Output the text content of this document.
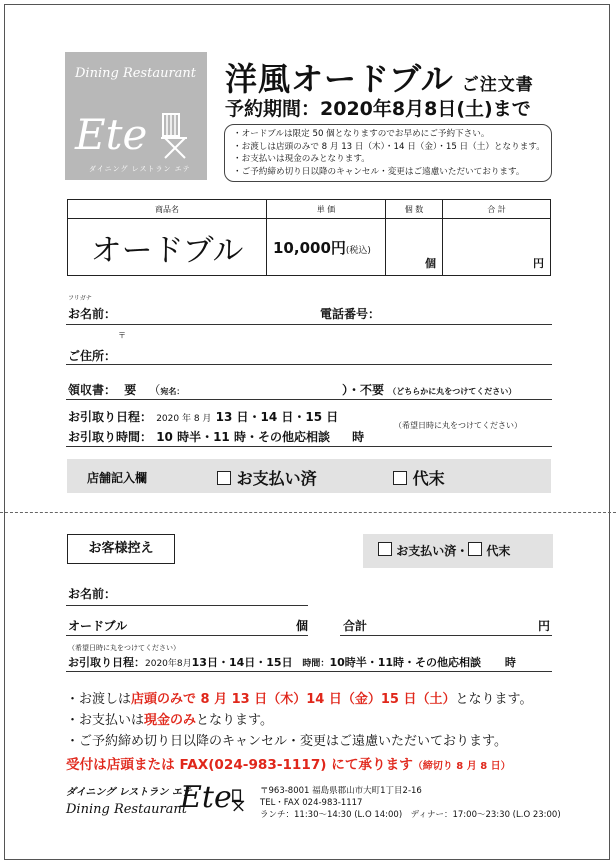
Dining Restaurant
Ete
ダイニング レストラン エテ
洋風オードブル ご注文書
予約期間：2020年8月8日(土)まで
・オードブルは限定 50 個となりますのでお早めにご予約下さい。
・お渡しは店頭のみで 8 月 13 日（木）・14 日（金）・15 日（土）となります。
・お支払いは現金のみとなります。
・ご予約締め切り日以降のキャンセル・変更はご遠慮いただいております。
商品名	単 価	個 数	合 計
オードブル	10,000円(税込)	個	円
フリガナ
お名前：	電話番号：
〒
ご住所：
領収書： 要 （宛名：	）・不要 （どちらかに丸をつけてください）
お引取り日程： 2020 年 8 月 13 日・14 日・15 日
お引取り時間： 10 時半・11 時・その他応相談 時
（希望日時に丸をつけてください）
店舗記入欄	お支払い済	代末
お客様控え	お支払い済・ 代末
お名前：
オードブル	個	合計	円
（希望日時に丸をつけてください）
お引取り日程：2020年8月13日・14日・15日 時間：10時半・11時・その他応相談 時
・お渡しは店頭のみで 8 月 13 日（木）14 日（金）15 日（土）となります。
・お支払いは現金のみとなります。
・ご予約締め切り日以降のキャンセル・変更はご遠慮いただいております。
受付は店頭または FAX(024-983-1117) にて承ります（締切り 8 月 8 日）
ダイニング レストラン エテ
Dining Restaurant
Ete	〒963-8001 福島県郡山市大町1丁目2-16
TEL・FAX 024-983-1117
ランチ：11:30～14:30 (L.O 14:00)　 ディナー：17:00～23:30 (L.O 23:00)
